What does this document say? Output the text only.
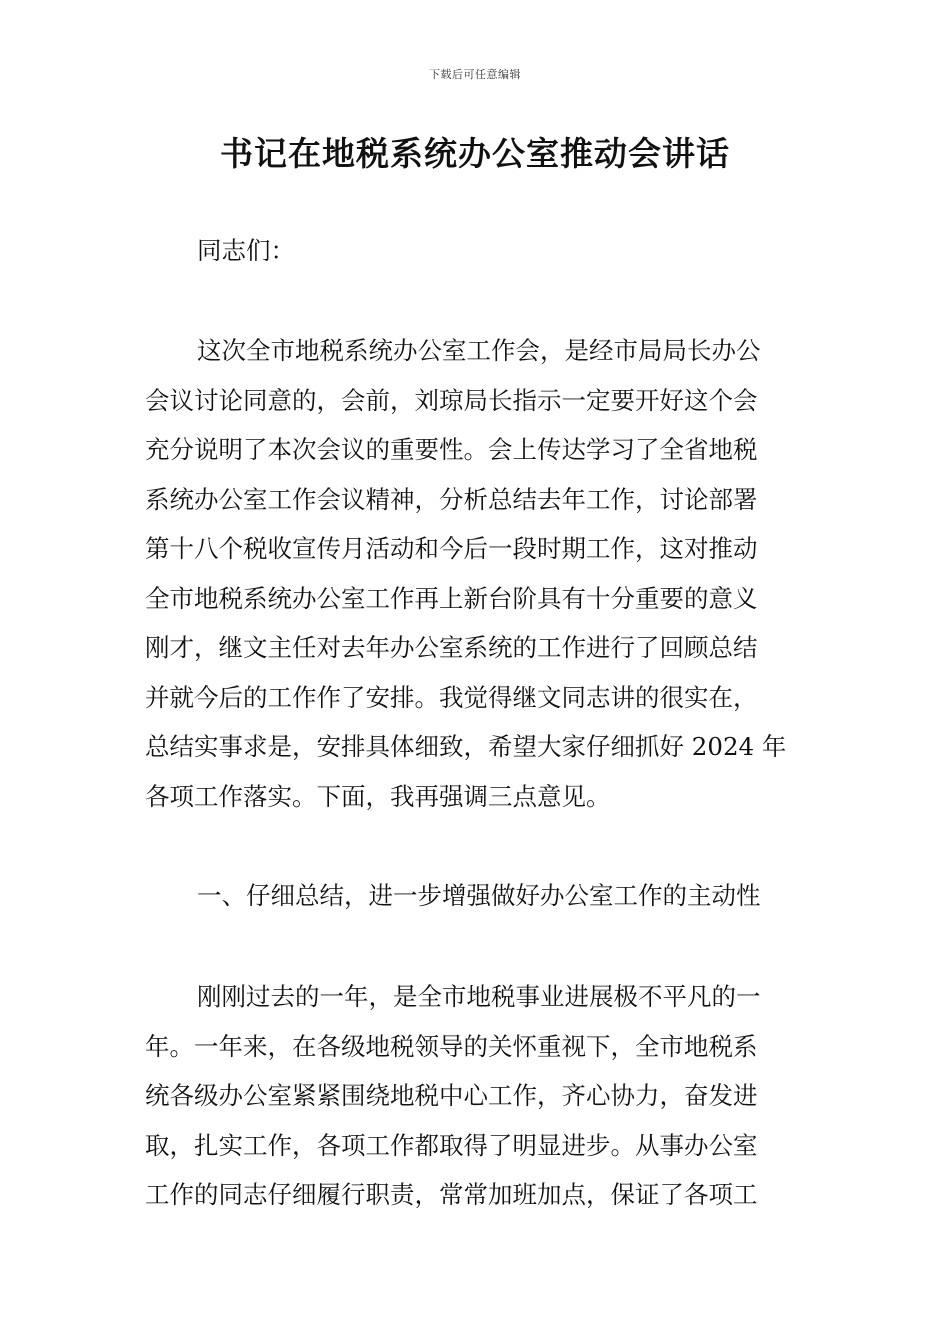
下载后可任意编辑
书记在地税系统办公室推动会讲话
同志们：
这次全市地税系统办公室工作会，是经市局局长办公
会议讨论同意的，会前，刘琼局长指示一定要开好这个会
充分说明了本次会议的重要性。会上传达学习了全省地税
系统办公室工作会议精神，分析总结去年工作，讨论部署
第十八个税收宣传月活动和今后一段时期工作，这对推动
全市地税系统办公室工作再上新台阶具有十分重要的意义
刚才，继文主任对去年办公室系统的工作进行了回顾总结
并就今后的工作作了安排。我觉得继文同志讲的很实在，
总结实事求是，安排具体细致，希望大家仔细抓好 2024 年
各项工作落实。下面，我再强调三点意见。
一、仔细总结，进一步增强做好办公室工作的主动性
刚刚过去的一年，是全市地税事业进展极不平凡的一
年。一年来，在各级地税领导的关怀重视下，全市地税系
统各级办公室紧紧围绕地税中心工作，齐心协力，奋发进
取，扎实工作，各项工作都取得了明显进步。从事办公室
工作的同志仔细履行职责，常常加班加点，保证了各项工
